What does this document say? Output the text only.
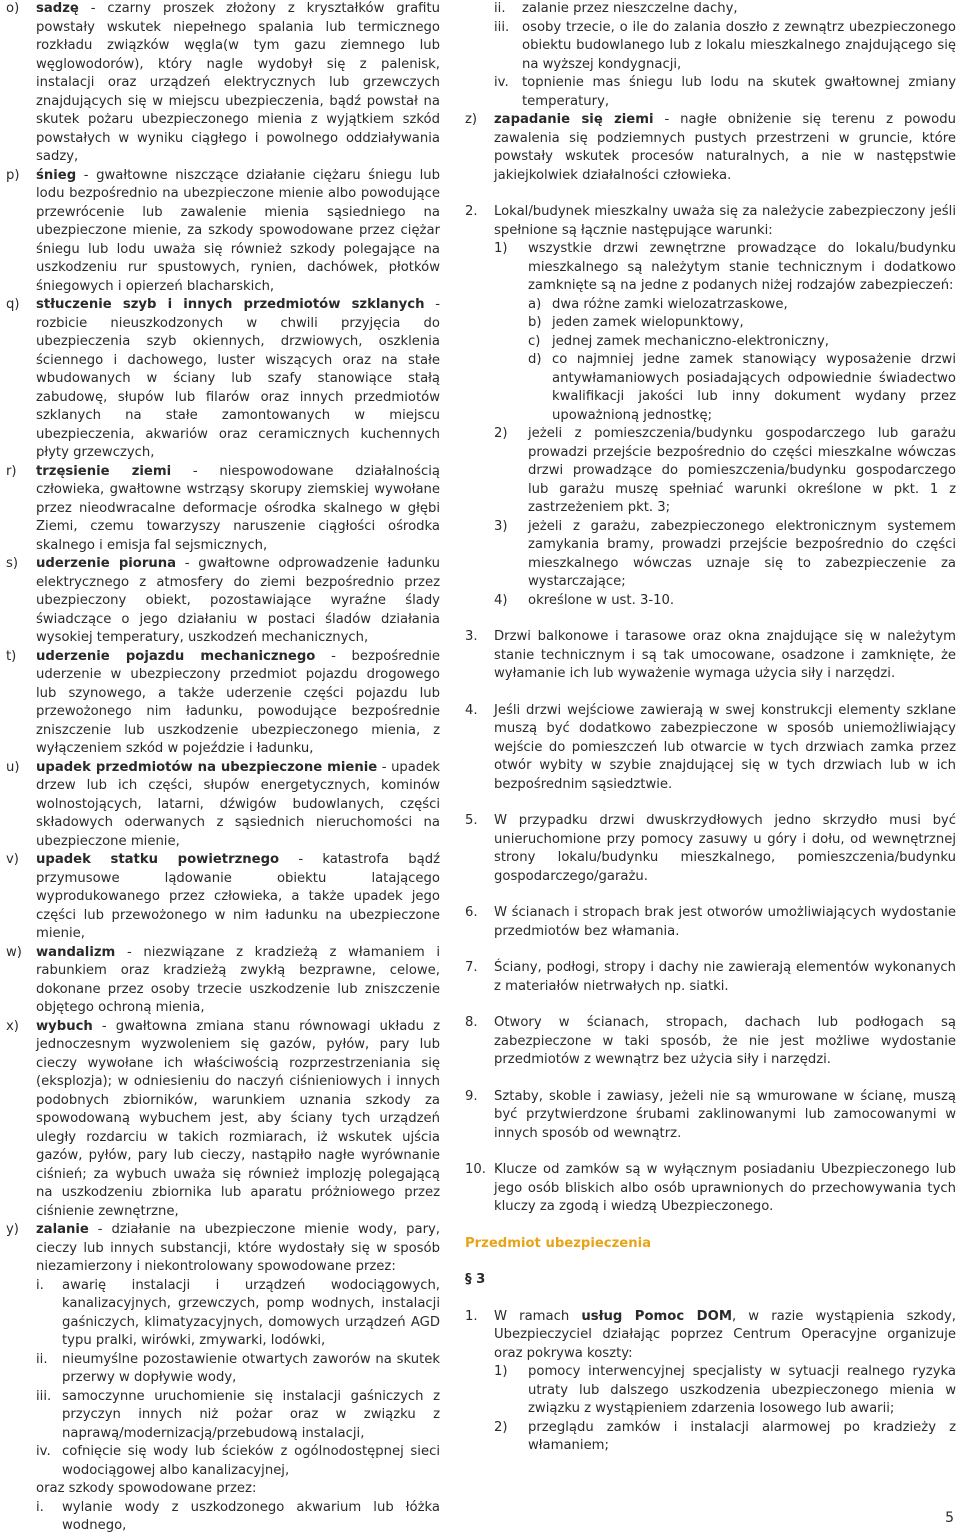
o)	sadzę - czarny proszek złożony z kryształków grafitu powstały wskutek niepełnego spalania lub termicznego rozkładu związków węgla(w tym gazu ziemnego lub węglowodorów), który nagle wydobył się z palenisk, instalacji oraz urządzeń elektrycznych lub grzewczych znajdujących się w miejscu ubezpieczenia, bądź powstał na skutek pożaru ubezpieczonego mienia z wyjątkiem szkód powstałych w wyniku ciągłego i powolnego oddziaływania sadzy,
p)	śnieg - gwałtowne niszczące działanie ciężaru śniegu lub lodu bezpośrednio na ubezpieczone mienie albo powodujące przewrócenie lub zawalenie mienia sąsiedniego na ubezpieczone mienie, za szkody spowodowane przez ciężar śniegu lub lodu uważa się również szkody polegające na uszkodzeniu rur spustowych, rynien, dachówek, płotków śniegowych i opierzeń blacharskich,
q)	stłuczenie szyb i innych przedmiotów szklanych - rozbicie nieuszkodzonych w chwili przyjęcia do ubezpieczenia szyb okiennych, drzwiowych, oszklenia ściennego i dachowego, luster wiszących oraz na stałe wbudowanych w ściany lub szafy stanowiące stałą zabudowę, słupów lub filarów oraz innych przedmiotów szklanych na stałe zamontowanych w miejscu ubezpieczenia, akwariów oraz ceramicznych kuchennych płyty grzewczych,
r)	trzęsienie ziemi - niespowodowane działalnością człowieka, gwałtowne wstrząsy skorupy ziemskiej wywołane przez nieodwracalne deformacje ośrodka skalnego w głębi Ziemi, czemu towarzyszy naruszenie ciągłości ośrodka skalnego i emisja fal sejsmicznych,
s)	uderzenie pioruna - gwałtowne odprowadzenie ładunku elektrycznego z atmosfery do ziemi bezpośrednio przez ubezpieczony obiekt, pozostawiające wyraźne ślady świadczące o jego działaniu w postaci śladów działania wysokiej temperatury, uszkodzeń mechanicznych,
t)	uderzenie pojazdu mechanicznego - bezpośrednie uderzenie w ubezpieczony przedmiot pojazdu drogowego lub szynowego, a także uderzenie części pojazdu lub przewożonego nim ładunku, powodujące bezpośrednie zniszczenie lub uszkodzenie ubezpieczonego mienia, z wyłączeniem szkód w pojeździe i ładunku,
u)	upadek przedmiotów na ubezpieczone mienie - upadek drzew lub ich części, słupów energetycznych, kominów wolnostojących, latarni, dźwigów budowlanych, części składowych oderwanych z sąsiednich nieruchomości na ubezpieczone mienie,
v)	upadek statku powietrznego - katastrofa bądź przymusowe lądowanie obiektu latającego wyprodukowanego przez człowieka, a także upadek jego części lub przewożonego w nim ładunku na ubezpieczone mienie,
w)	wandalizm - niezwiązane z kradzieżą z włamaniem i rabunkiem oraz kradzieżą zwykłą bezprawne, celowe, dokonane przez osoby trzecie uszkodzenie lub zniszczenie objętego ochroną mienia,
x)	wybuch - gwałtowna zmiana stanu równowagi układu z jednoczesnym wyzwoleniem się gazów, pyłów, pary lub cieczy wywołane ich właściwością rozprzestrzeniania się (eksplozja); w odniesieniu do naczyń ciśnieniowych i innych podobnych zbiorników, warunkiem uznania szkody za spowodowaną wybuchem jest, aby ściany tych urządzeń uległy rozdarciu w takich rozmiarach, iż wskutek ujścia gazów, pyłów, pary lub cieczy, nastąpiło nagłe wyrównanie ciśnień; za wybuch uważa się również implozję polegającą na uszkodzeniu zbiornika lub aparatu próżniowego przez ciśnienie zewnętrzne,
y)	zalanie - działanie na ubezpieczone mienie wody, pary, cieczy lub innych substancji, które wydostały się w sposób niezamierzony i niekontrolowany spowodowane przez:
i.	awarię instalacji i urządzeń wodociągowych, kanalizacyjnych, grzewczych, pomp wodnych, instalacji gaśniczych, klimatyzacyjnych, domowych urządzeń AGD typu pralki, wirówki, zmywarki, lodówki,
ii.	nieumyślne pozostawienie otwartych zaworów na skutek przerwy w dopływie wody,
iii. samoczynne uruchomienie się instalacji gaśniczych z przyczyn innych niż pożar oraz w związku z naprawą/modernizacją/przebudową instalacji,
iv. cofnięcie się wody lub ścieków z ogólnodostępnej sieci wodociągowej albo kanalizacyjnej,
oraz szkody spowodowane przez:
i.	wylanie wody z uszkodzonego akwarium lub łóżka wodnego,
ii.	zalanie przez nieszczelne dachy,
iii. osoby trzecie, o ile do zalania doszło z zewnątrz ubezpieczonego obiektu budowlanego lub z lokalu mieszkalnego znajdującego się na wyższej kondygnacji,
iv.	topnienie mas śniegu lub lodu na skutek gwałtownej zmiany temperatury,
z)	zapadanie się ziemi - nagłe obniżenie się terenu z powodu zawalenia się podziemnych pustych przestrzeni w gruncie, które powstały wskutek procesów naturalnych, a nie w następstwie jakiejkolwiek działalności człowieka.
2.	Lokal/budynek mieszkalny uważa się za należycie zabezpieczony jeśli spełnione są łącznie następujące warunki:
1)	wszystkie drzwi zewnętrzne prowadzące do lokalu/budynku mieszkalnego są należytym stanie technicznym i dodatkowo zamknięte są na jedne z podanych niżej rodzajów zabezpieczeń:
a) dwa różne zamki wielozatrzaskowe,
b) jeden zamek wielopunktowy,
c) jednej zamek mechaniczno-elektroniczny,
d) co najmniej jedne zamek stanowiący wyposażenie drzwi antywłamaniowych posiadających odpowiednie świadectwo kwalifikacji jakości lub inny dokument wydany przez upoważnioną jednostkę;
2)	jeżeli z pomieszczenia/budynku gospodarczego lub garażu prowadzi przejście bezpośrednio do części mieszkalne wówczas drzwi prowadzące do pomieszczenia/budynku gospodarczego lub garażu muszę spełniać warunki określone w pkt. 1 z zastrzeżeniem pkt. 3;
3)	jeżeli z garażu, zabezpieczonego elektronicznym systemem zamykania bramy, prowadzi przejście bezpośrednio do części mieszkalnego wówczas uznaje się to zabezpieczenie za wystarczające;
4)	określone w ust. 3-10.
3.	Drzwi balkonowe i tarasowe oraz okna znajdujące się w należytym stanie technicznym i są tak umocowane, osadzone i zamknięte, że wyłamanie ich lub wyważenie wymaga użycia siły i narzędzi.
4.	Jeśli drzwi wejściowe zawierają w swej konstrukcji elementy szklane muszą być dodatkowo zabezpieczone w sposób uniemożliwiający wejście do pomieszczeń lub otwarcie w tych drzwiach zamka przez otwór wybity w szybie znajdującej się w tych drzwiach lub w ich bezpośrednim sąsiedztwie.
5.	W przypadku drzwi dwuskrzydłowych jedno skrzydło musi być unieruchomione przy pomocy zasuwy u góry i dołu, od wewnętrznej strony lokalu/budynku mieszkalnego, pomieszczenia/budynku gospodarczego/garażu.
6.	W ścianach i stropach brak jest otworów umożliwiających wydostanie przedmiotów bez włamania.
7.	Ściany, podłogi, stropy i dachy nie zawierają elementów wykonanych z materiałów nietrwałych np. siatki.
8.	Otwory w ścianach, stropach, dachach lub podłogach są zabezpieczone w taki sposób, że nie jest możliwe wydostanie przedmiotów z wewnątrz bez użycia siły i narzędzi.
9.	Sztaby, skoble i zawiasy, jeżeli nie są wmurowane w ścianę, muszą być przytwierdzone śrubami zaklinowanymi lub zamocowanymi w innych sposób od wewnątrz.
10. Klucze od zamków są w wyłącznym posiadaniu Ubezpieczonego lub jego osób bliskich albo osób uprawnionych do przechowywania tych kluczy za zgodą i wiedzą Ubezpieczonego.
Przedmiot ubezpieczenia
§ 3
1.	W ramach usług Pomoc DOM, w razie wystąpienia szkody, Ubezpieczyciel działając poprzez Centrum Operacyjne organizuje oraz pokrywa koszty:
1)	pomocy interwencyjnej specjalisty w sytuacji realnego ryzyka utraty lub dalszego uszkodzenia ubezpieczonego mienia w związku z wystąpieniem zdarzenia losowego lub awarii;
2)	przeglądu zamków i instalacji alarmowej po kradzieży z włamaniem;
5
